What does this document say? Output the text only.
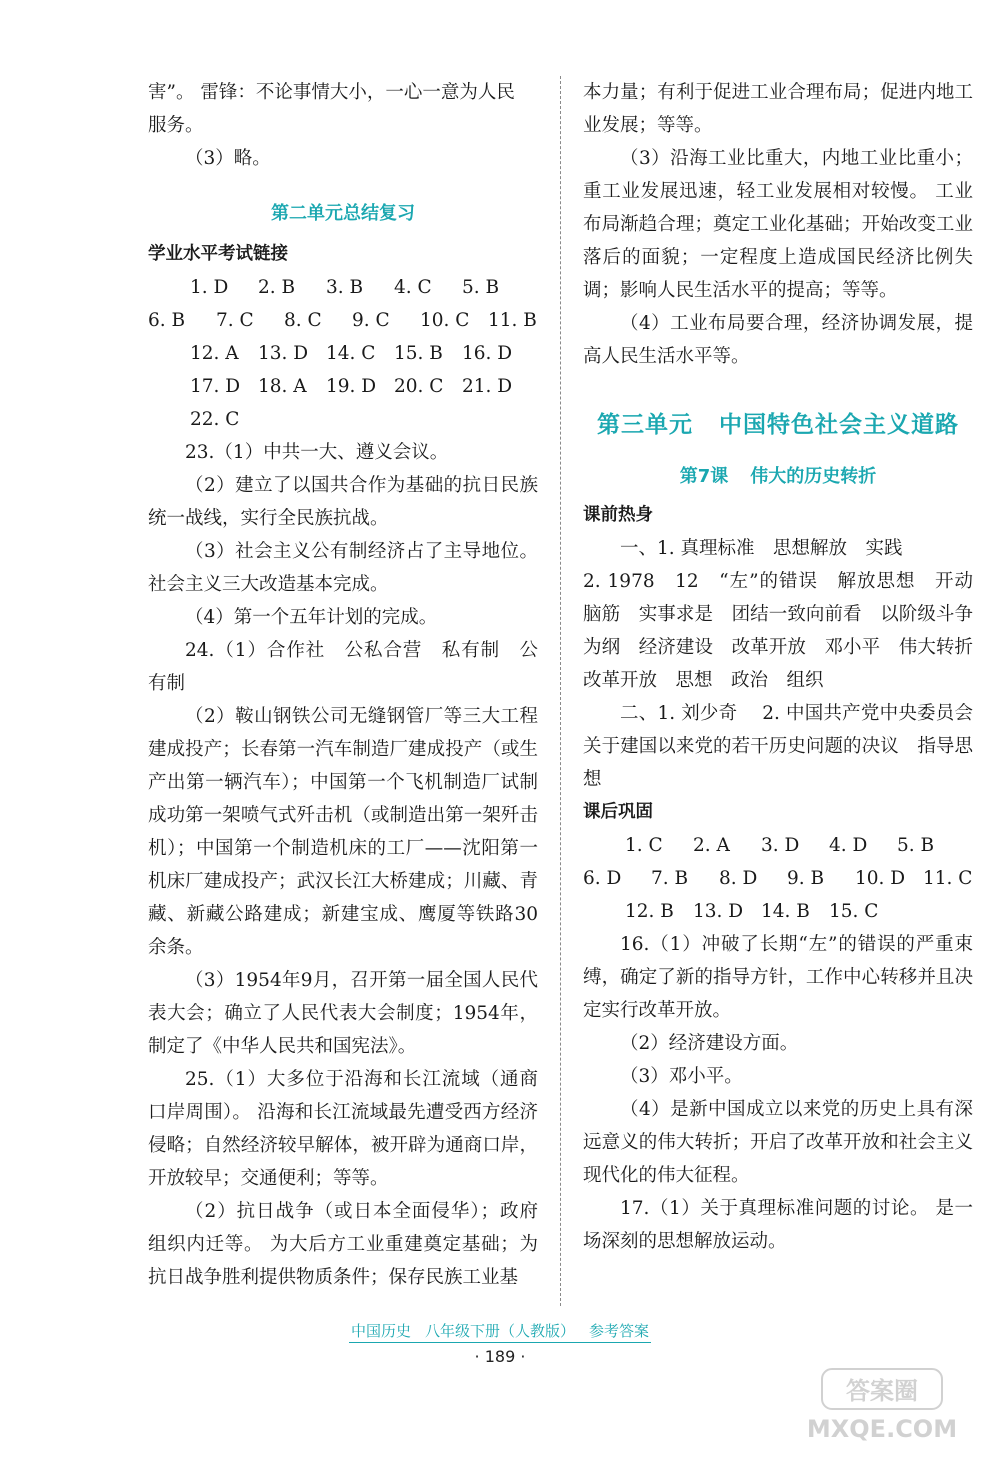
害”。 雷锋：不论事情大小，一心一意为人民

服务。

（3）略。

第二单元总结复习

学业水平考试链接

1. D	2. B	3. B	4. C	5. B
6. B	7. C	8. C	9. C	10. C	11. B
12. A	13. D 14. C	15. B	16. D
17. D 18. A	19. D 20. C	21. D
22. C

23.（1）中共一大、遵义会议。

（2）建立了以国共合作为基础的抗日民族统一战线，实行全民族抗战。

（3）社会主义公有制经济占了主导地位。社会主义三大改造基本完成。

（4）第一个五年计划的完成。

24.（1）合作社　公私合营　私有制　公有制

（2）鞍山钢铁公司无缝钢管厂等三大工程建成投产；长春第一汽车制造厂建成投产（或生产出第一辆汽车）；中国第一个飞机制造厂试制成功第一架喷气式歼击机（或制造出第一架歼击机）；中国第一个制造机床的工厂——沈阳第一机床厂建成投产；武汉长江大桥建成；川藏、青藏、新藏公路建成；新建宝成、鹰厦等铁路30余条。

（3）1954年9月，召开第一届全国人民代表大会；确立了人民代表大会制度；1954年，制定了《中华人民共和国宪法》。

25.（1）大多位于沿海和长江流域（通商口岸周围）。 沿海和长江流域最先遭受西方经济侵略；自然经济较早解体，被开辟为通商口岸，开放较早；交通便利；等等。

（2）抗日战争（或日本全面侵华）；政府组织内迁等。 为大后方工业重建奠定基础；为抗日战争胜利提供物质条件；保存民族工业基

本力量；有利于促进工业合理布局；促进内地工业发展；等等。

（3）沿海工业比重大，内地工业比重小；重工业发展迅速，轻工业发展相对较慢。 工业布局渐趋合理；奠定工业化基础；开始改变工业落后的面貌；一定程度上造成国民经济比例失调；影响人民生活水平的提高；等等。

（4）工业布局要合理，经济协调发展，提高人民生活水平等。

第三单元 中国特色社会主义道路
第7课 伟大的历史转折

课前热身

一、1. 真理标准　思想解放　实践

2. 1978　12　“左”的错误　解放思想　开动脑筋　实事求是　团结一致向前看　以阶级斗争为纲　经济建设　改革开放　邓小平　伟大转折　改革开放　思想　政治　组织

二、1. 刘少奇　 2. 中国共产党中央委员会关于建国以来党的若干历史问题的决议　指导思想

课后巩固

1. C	2. A	3. D	4. D	5. B
6. D	7. B	8. D	9. B	10. D 11. C
12. B	13. D 14. B	15. C

16.（1）冲破了长期“左”的错误的严重束缚，确定了新的指导方针，工作中心转移并且决定实行改革开放。

（2）经济建设方面。

（3）邓小平。

（4）是新中国成立以来党的历史上具有深远意义的伟大转折；开启了改革开放和社会主义现代化的伟大征程。

17.（1）关于真理标准问题的讨论。 是一场深刻的思想解放运动。

中国历史 八年级下册（人教版） 参考答案
· 189 ·
答案圈
MXQE.COM
